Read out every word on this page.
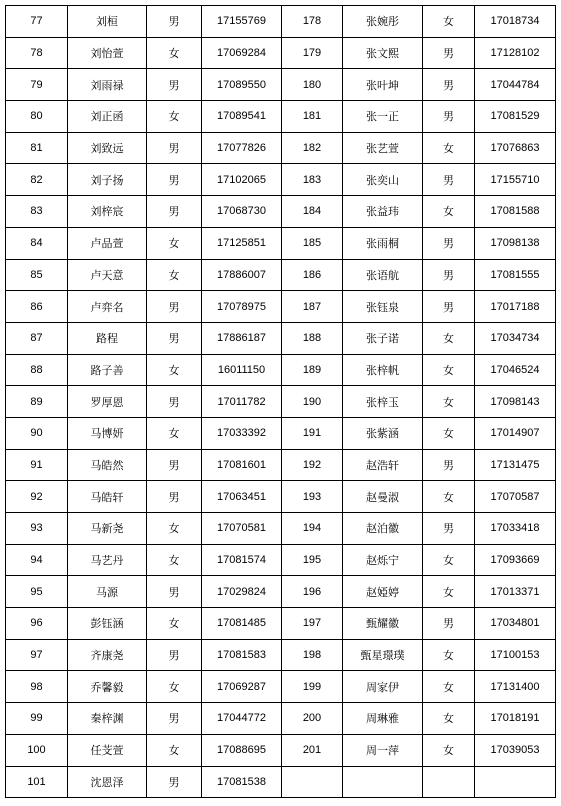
77	刘桓	男	17155769	178	张婉彤	女	17018734
78	刘怡萱	女	17069284	179	张文熙	男	17128102
79	刘雨禄	男	17089550	180	张叶坤	男	17044784
80	刘正函	女	17089541	181	张一正	男	17081529
81	刘致远	男	17077826	182	张艺萱	女	17076863
82	刘子扬	男	17102065	183	张奕山	男	17155710
83	刘梓宸	男	17068730	184	张益玮	女	17081588
84	卢品萱	女	17125851	185	张雨桐	男	17098138
85	卢天意	女	17886007	186	张语航	男	17081555
86	卢弈名	男	17078975	187	张钰泉	男	17017188
87	路程	男	17886187	188	张子诺	女	17034734
88	路子善	女	16011150	189	张梓帆	女	17046524
89	罗厚恩	男	17011782	190	张梓玉	女	17098143
90	马博妍	女	17033392	191	张紫涵	女	17014907
91	马皓然	男	17081601	192	赵浩轩	男	17131475
92	马皓轩	男	17063451	193	赵曼淑	女	17070587
93	马新尧	女	17070581	194	赵泊徽	男	17033418
94	马艺丹	女	17081574	195	赵烁宁	女	17093669
95	马源	男	17029824	196	赵婭婷	女	17013371
96	彭钰涵	女	17081485	197	甄耀徽	男	17034801
97	齐康尧	男	17081583	198	甄星璟璞	女	17100153
98	乔馨毅	女	17069287	199	周家伊	女	17131400
99	秦梓渊	男	17044772	200	周琳雅	女	17018191
100	任芠萱	女	17088695	201	周一萍	女	17039053
101	沈恩泽	男	17081538				
